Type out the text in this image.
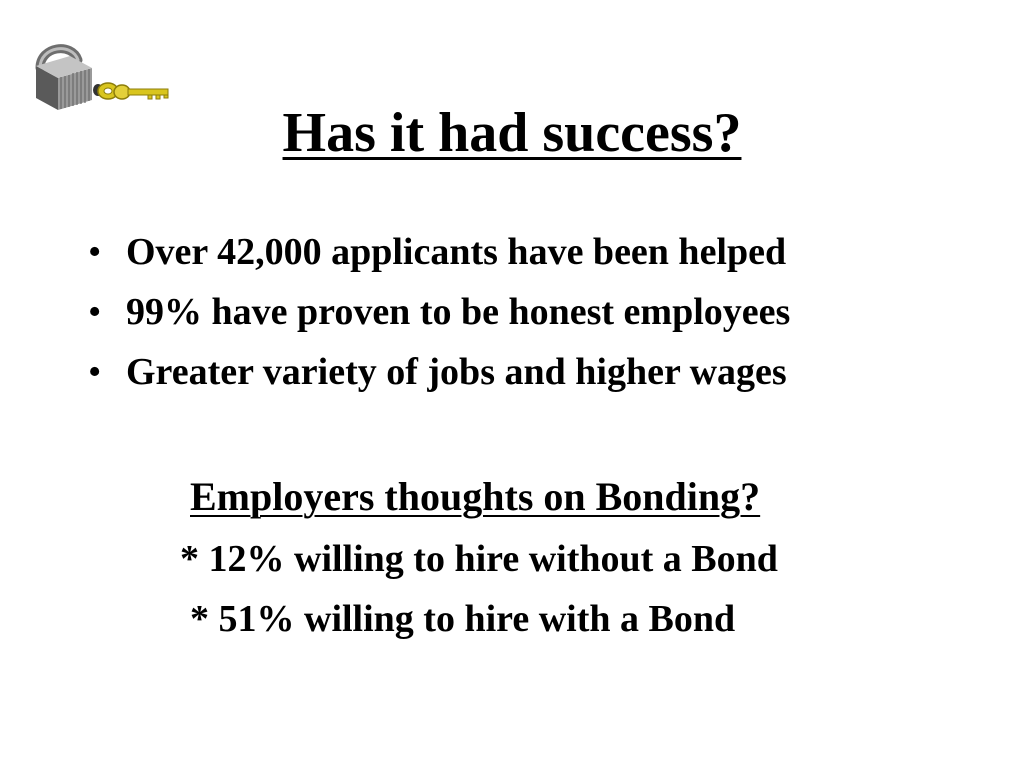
Has it had success?
• Over 42,000 applicants have been helped
• 99% have proven to be honest employees
• Greater variety of jobs and higher wages
Employers thoughts on Bonding?
* 12% willing to hire without a Bond
* 51% willing to hire with a Bond
